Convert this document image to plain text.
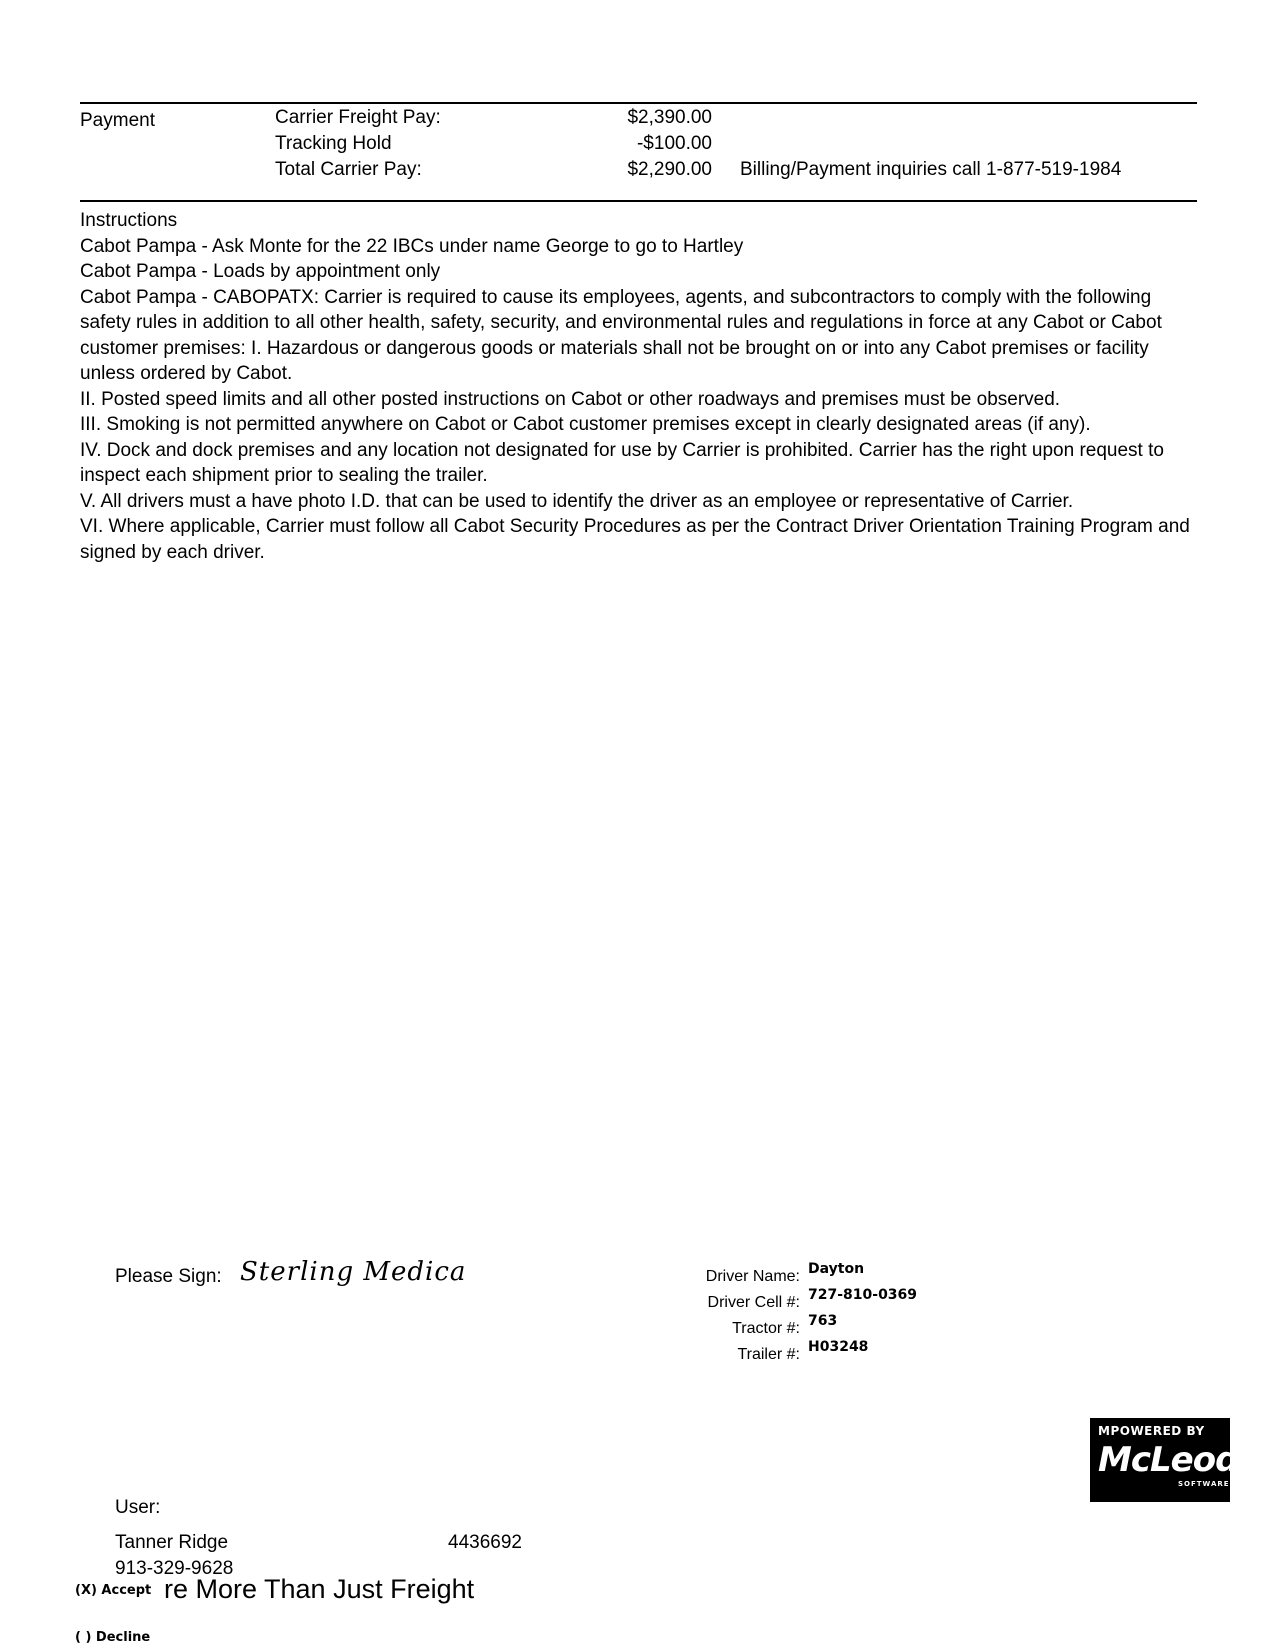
Payment	Carrier Freight Pay:	$2,390.00
Tracking Hold	-$100.00
Total Carrier Pay:	$2,290.00 Billing/Payment inquiries call 1-877-519-1984

Instructions

Cabot Pampa - Ask Monte for the 22 IBCs under name George to go to Hartley

Cabot Pampa - Loads by appointment only

Cabot Pampa - CABOPATX: Carrier is required to cause its employees, agents, and subcontractors to comply with the following safety rules in addition to all other health, safety, security, and environmental rules and regulations in force at any Cabot or Cabot customer premises: I. Hazardous or dangerous goods or materials shall not be brought on or into any Cabot premises or facility unless ordered by Cabot.

II. Posted speed limits and all other posted instructions on Cabot or other roadways and premises must be observed.

III. Smoking is not permitted anywhere on Cabot or Cabot customer premises except in clearly designated areas (if any).

IV. Dock and dock premises and any location not designated for use by Carrier is prohibited. Carrier has the right upon request to inspect each shipment prior to sealing the trailer.

V. All drivers must a have photo I.D. that can be used to identify the driver as an employee or representative of Carrier.

VI. Where applicable, Carrier must follow all Cabot Security Procedures as per the Contract Driver Orientation Training Program and signed by each driver.

Please Sign: Sterling Medica	Driver Name: Dayton
Driver Cell #: 727-810-0369
Tractor #: 763
Trailer #: H03248
MPOWERED BY
McLeod
SOFTWARE
User:
Tanner Ridge	4436692
913-329-9628
(X) Accept re More Than Just Freight
( ) Decline
